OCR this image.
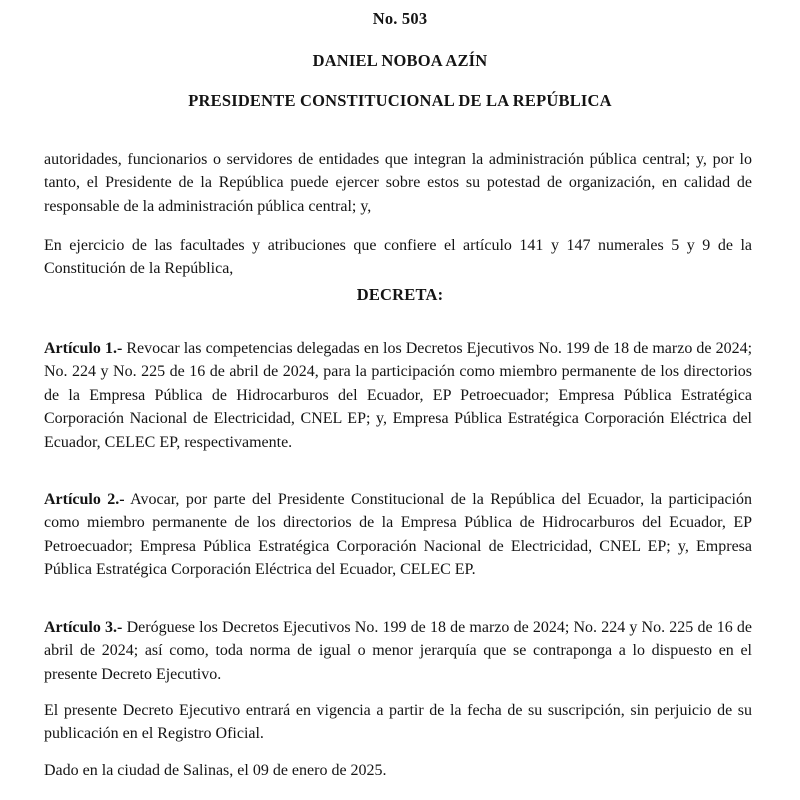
No. 503
DANIEL NOBOA AZÍN
PRESIDENTE CONSTITUCIONAL DE LA REPÚBLICA

autoridades, funcionarios o servidores de entidades que integran la administración pública central; y, por lo tanto, el Presidente de la República puede ejercer sobre estos su potestad de organización, en calidad de responsable de la administración pública central; y,

En ejercicio de las facultades y atribuciones que confiere el artículo 141 y 147 numerales 5 y 9 de la Constitución de la República,

DECRETA:

Artículo 1.- Revocar las competencias delegadas en los Decretos Ejecutivos No. 199 de 18 de marzo de 2024; No. 224 y No. 225 de 16 de abril de 2024, para la participación como miembro permanente de los directorios de la Empresa Pública de Hidrocarburos del Ecuador, EP Petroecuador; Empresa Pública Estratégica Corporación Nacional de Electricidad, CNEL EP; y, Empresa Pública Estratégica Corporación Eléctrica del Ecuador, CELEC EP, respectivamente.

Artículo 2.- Avocar, por parte del Presidente Constitucional de la República del Ecuador, la participación como miembro permanente de los directorios de la Empresa Pública de Hidrocarburos del Ecuador, EP Petroecuador; Empresa Pública Estratégica Corporación Nacional de Electricidad, CNEL EP; y, Empresa Pública Estratégica Corporación Eléctrica del Ecuador, CELEC EP.

Artículo 3.- Deróguese los Decretos Ejecutivos No. 199 de 18 de marzo de 2024; No. 224 y No. 225 de 16 de abril de 2024; así como, toda norma de igual o menor jerarquía que se contraponga a lo dispuesto en el presente Decreto Ejecutivo.

El presente Decreto Ejecutivo entrará en vigencia a partir de la fecha de su suscripción, sin perjuicio de su publicación en el Registro Oficial.

Dado en la ciudad de Salinas, el 09 de enero de 2025.
